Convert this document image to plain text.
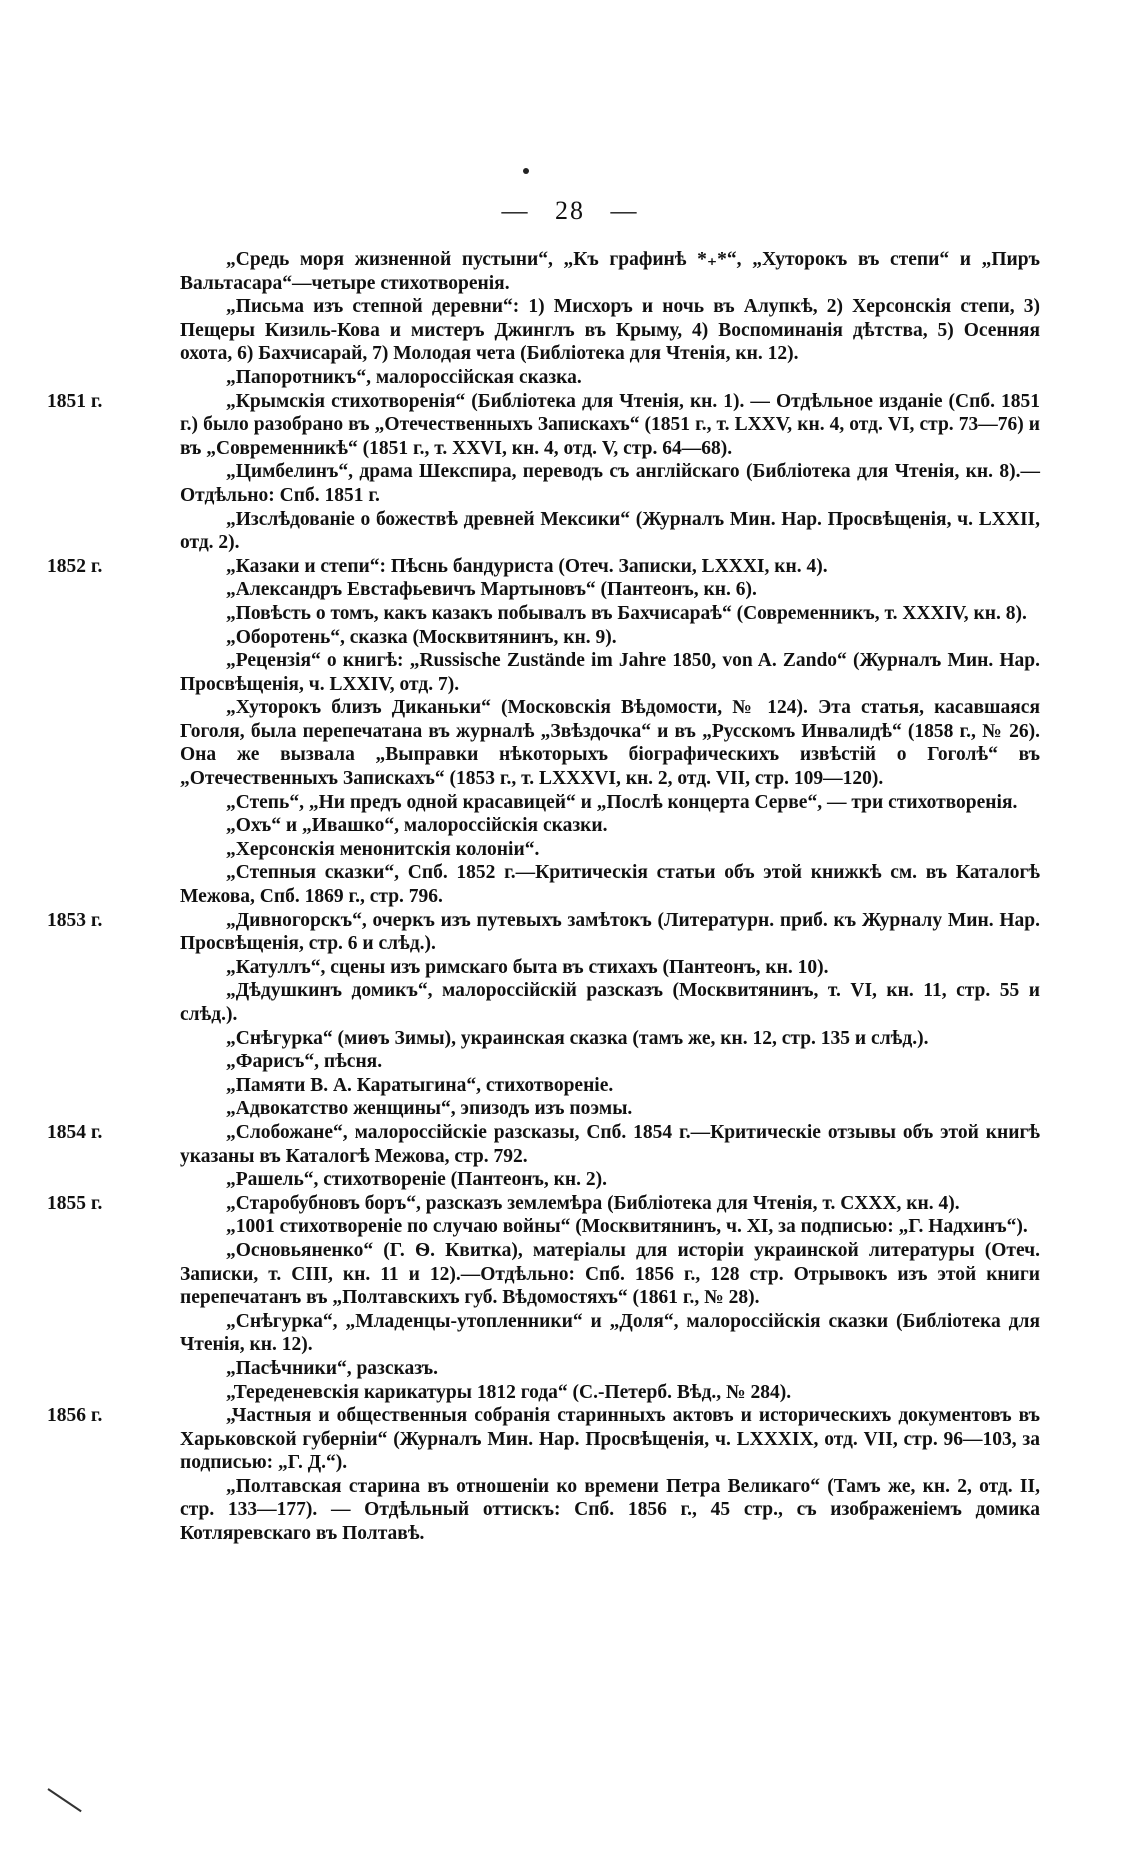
— 28 —

„Средь моря жизненной пустыни“, „Къ графинѣ *₊*“, „Хуторокъ въ степи“ и „Пиръ Вальтасара“—четыре стихотворенія.

„Письма изъ степной деревни“: 1) Мисхоръ и ночь въ Алупкѣ, 2) Херсонскія степи, 3) Пещеры Кизиль-Кова и мистеръ Джинглъ въ Крыму, 4) Воспоминанія дѣтства, 5) Осенняя охота, 6) Бахчисарай, 7) Молодая чета (Библіотека для Чтенія, кн. 12).

„Папоротникъ“, малороссійская сказка.

1851 г.	„Крымскія стихотворенія“ (Библіотека для Чтенія, кн. 1). — Отдѣльное изданіе (Спб. 1851 г.) было разобрано въ „Отечественныхъ Запискахъ“ (1851 г., т. LXXV, кн. 4, отд. VI, стр. 73—76) и въ „Современникѣ“ (1851 г., т. XXVI, кн. 4, отд. V, стр. 64—68).

„Цимбелинъ“, драма Шекспира, переводъ съ англійскаго (Библіотека для Чтенія, кн. 8).—Отдѣльно: Спб. 1851 г.

„Изслѣдованіе о божествѣ древней Мексики“ (Журналъ Мин. Нар. Просвѣщенія, ч. LXXII, отд. 2).

1852 г.	„Казаки и степи“: Пѣснь бандуриста (Отеч. Записки, LXXXI, кн. 4).

„Александръ Евстафьевичъ Мартыновъ“ (Пантеонъ, кн. 6).

„Повѣсть о томъ, какъ казакъ побывалъ въ Бахчисараѣ“ (Современникъ, т. XXXIV, кн. 8).

„Оборотень“, сказка (Москвитянинъ, кн. 9).

„Рецензія“ о книгѣ: „Russische Zustände im Jahre 1850, von A. Zando“ (Журналъ Мин. Нар. Просвѣщенія, ч. LXXIV, отд. 7).

„Хуторокъ близъ Диканьки“ (Московскія Вѣдомости, № 124). Эта статья, касавшаяся Гоголя, была перепечатана въ журналѣ „Звѣздочка“ и въ „Русскомъ Инвалидѣ“ (1858 г., № 26). Она же вызвала „Выправки нѣкоторыхъ біографическихъ извѣстій о Гоголѣ“ въ „Отечественныхъ Запискахъ“ (1853 г., т. LXXXVI, кн. 2, отд. VII, стр. 109—120).

„Степь“, „Ни предъ одной красавицей“ и „Послѣ концерта Серве“, — три стихотворенія.

„Охъ“ и „Ивашко“, малороссійскія сказки.

„Херсонскія менонитскія колоніи“.

„Степныя сказки“, Спб. 1852 г.—Критическія статьи объ этой книжкѣ см. въ Каталогѣ Межова, Спб. 1869 г., стр. 796.

1853 г.	„Дивногорскъ“, очеркъ изъ путевыхъ замѣтокъ (Литературн. приб. къ Журналу Мин. Нар. Просвѣщенія, стр. 6 и слѣд.).

„Катуллъ“, сцены изъ римскаго быта въ стихахъ (Пантеонъ, кн. 10).

„Дѣдушкинъ домикъ“, малороссійскій разсказъ (Москвитянинъ, т. VI, кн. 11, стр. 55 и слѣд.).

„Снѣгурка“ (миѳъ Зимы), украинская сказка (тамъ же, кн. 12, стр. 135 и слѣд.).

„Фарисъ“, пѣсня.

„Памяти В. А. Каратыгина“, стихотвореніе.

„Адвокатство женщины“, эпизодъ изъ поэмы.

1854 г.	„Слобожане“, малороссійскіе разсказы, Спб. 1854 г.—Критическіе отзывы объ этой книгѣ указаны въ Каталогѣ Межова, стр. 792.

„Рашель“, стихотвореніе (Пантеонъ, кн. 2).

1855 г.	„Старобубновъ боръ“, разсказъ землемѣра (Библіотека для Чтенія, т. CXXX, кн. 4).

„1001 стихотвореніе по случаю войны“ (Москвитянинъ, ч. XI, за подписью: „Г. Надхинъ“).

„Основьяненко“ (Г. Ѳ. Квитка), матеріалы для исторіи украинской литературы (Отеч. Записки, т. CIII, кн. 11 и 12).—Отдѣльно: Спб. 1856 г., 128 стр. Отрывокъ изъ этой книги перепечатанъ въ „Полтавскихъ губ. Вѣдомостяхъ“ (1861 г., № 28).

„Снѣгурка“, „Младенцы-утопленники“ и „Доля“, малороссійскія сказки (Библіотека для Чтенія, кн. 12).

„Пасѣчники“, разсказъ.

„Тереденевскія карикатуры 1812 года“ (С.-Петерб. Вѣд., № 284).

1856 г.	„Частныя и общественныя собранія старинныхъ актовъ и историческихъ документовъ въ Харьковской губерніи“ (Журналъ Мин. Нар. Просвѣщенія, ч. LXXXIX, отд. VII, стр. 96—103, за подписью: „Г. Д.“).

„Полтавская старина въ отношеніи ко времени Петра Великаго“ (Тамъ же, кн. 2, отд. II, стр. 133—177). — Отдѣльный оттискъ: Спб. 1856 г., 45 стр., съ изображеніемъ домика Котляревскаго въ Полтавѣ.
